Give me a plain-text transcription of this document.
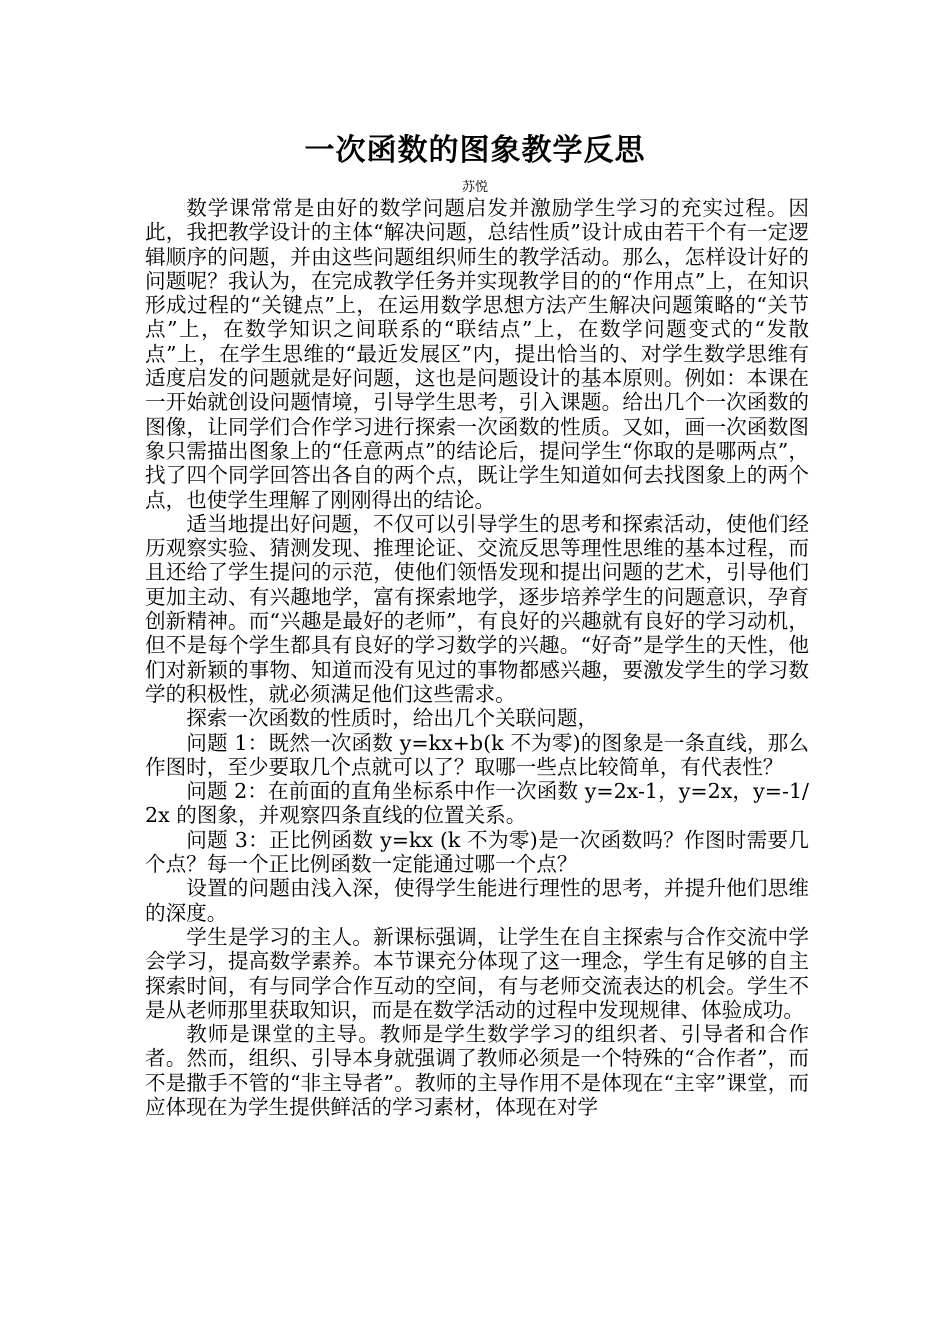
一次函数的图象教学反思
苏悦

数学课常常是由好的数学问题启发并激励学生学习的充实过程。因此，我把教学设计的主体“解决问题，总结性质”设计成由若干个有一定逻辑顺序的问题，并由这些问题组织师生的教学活动。那么，怎样设计好的问题呢？我认为，在完成教学任务并实现教学目的的“作用点”上，在知识形成过程的“关键点”上，在运用数学思想方法产生解决问题策略的“关节点”上，在数学知识之间联系的“联结点”上，在数学问题变式的“发散点”上，在学生思维的“最近发展区”内，提出恰当的、对学生数学思维有适度启发的问题就是好问题，这也是问题设计的基本原则。例如：本课在一开始就创设问题情境，引导学生思考，引入课题。给出几个一次函数的图像，让同学们合作学习进行探索一次函数的性质。又如，画一次函数图象只需描出图象上的“任意两点”的结论后，提问学生“你取的是哪两点”，找了四个同学回答出各自的两个点，既让学生知道如何去找图象上的两个点，也使学生理解了刚刚得出的结论。

适当地提出好问题，不仅可以引导学生的思考和探索活动，使他们经历观察实验、猜测发现、推理论证、交流反思等理性思维的基本过程，而且还给了学生提问的示范，使他们领悟发现和提出问题的艺术，引导他们更加主动、有兴趣地学，富有探索地学，逐步培养学生的问题意识，孕育创新精神。而“兴趣是最好的老师”，有良好的兴趣就有良好的学习动机，但不是每个学生都具有良好的学习数学的兴趣。“好奇”是学生的天性，他们对新颖的事物、知道而没有见过的事物都感兴趣，要激发学生的学习数学的积极性，就必须满足他们这些需求。

探索一次函数的性质时，给出几个关联问题，

问题 1：既然一次函数 y=kx+b(k 不为零)的图象是一条直线，那么作图时，至少要取几个点就可以了？取哪一些点比较简单，有代表性？

问题 2：在前面的直角坐标系中作一次函数 y=2x-1，y=2x，y=-1/2x 的图象，并观察四条直线的位置关系。

问题 3：正比例函数 y=kx (k 不为零)是一次函数吗？作图时需要几个点？每一个正比例函数一定能通过哪一个点？

设置的问题由浅入深，使得学生能进行理性的思考，并提升他们思维的深度。

学生是学习的主人。新课标强调，让学生在自主探索与合作交流中学会学习，提高数学素养。本节课充分体现了这一理念，学生有足够的自主探索时间，有与同学合作互动的空间，有与老师交流表达的机会。学生不是从老师那里获取知识，而是在数学活动的过程中发现规律、体验成功。

教师是课堂的主导。教师是学生数学学习的组织者、引导者和合作者。然而，组织、引导本身就强调了教师必须是一个特殊的“合作者”，而不是撒手不管的“非主导者”。教师的主导作用不是体现在“主宰”课堂，而应体现在为学生提供鲜活的学习素材，体现在对学
